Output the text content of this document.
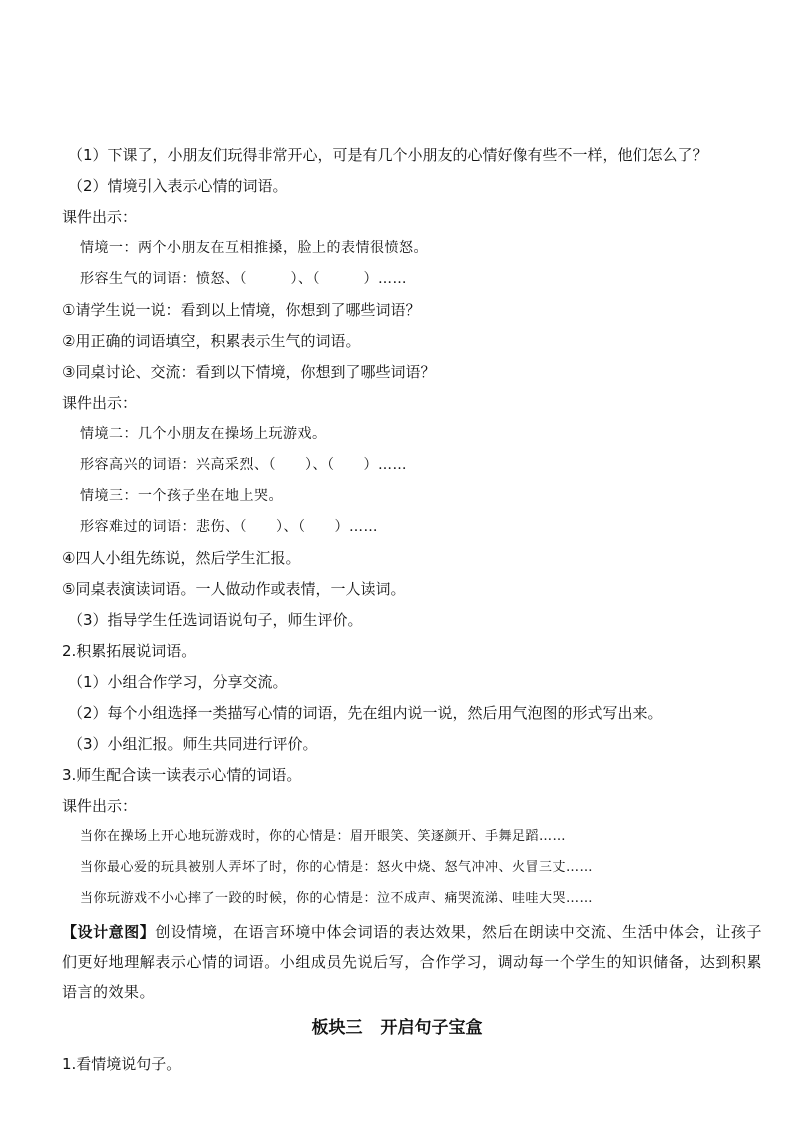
（1）下课了，小朋友们玩得非常开心，可是有几个小朋友的心情好像有些不一样，他们怎么了？
（2）情境引入表示心情的词语。
课件出示：
情境一：两个小朋友在互相推搡，脸上的表情很愤怒。
形容生气的词语：愤怒、（　　　）、（　　　）……
①请学生说一说：看到以上情境，你想到了哪些词语？
②用正确的词语填空，积累表示生气的词语。
③同桌讨论、交流：看到以下情境，你想到了哪些词语？
课件出示：
情境二：几个小朋友在操场上玩游戏。
形容高兴的词语：兴高采烈、（　　）、（　　）……
情境三：一个孩子坐在地上哭。
形容难过的词语：悲伤、（　　）、（　　）……
④四人小组先练说，然后学生汇报。
⑤同桌表演读词语。一人做动作或表情，一人读词。
（3）指导学生任选词语说句子，师生评价。
2.积累拓展说词语。
（1）小组合作学习，分享交流。
（2）每个小组选择一类描写心情的词语，先在组内说一说，然后用气泡图的形式写出来。
（3）小组汇报。师生共同进行评价。
3.师生配合读一读表示心情的词语。
课件出示：
当你在操场上开心地玩游戏时，你的心情是：眉开眼笑、笑逐颜开、手舞足蹈……
当你最心爱的玩具被别人弄坏了时，你的心情是：怒火中烧、怒气冲冲、火冒三丈……
当你玩游戏不小心摔了一跤的时候，你的心情是：泣不成声、痛哭流涕、哇哇大哭……
【设计意图】创设情境，在语言环境中体会词语的表达效果，然后在朗读中交流、生活中体会，让孩子们更好地理解表示心情的词语。小组成员先说后写，合作学习，调动每一个学生的知识储备，达到积累语言的效果。
板块三 开启句子宝盒
1.看情境说句子。
